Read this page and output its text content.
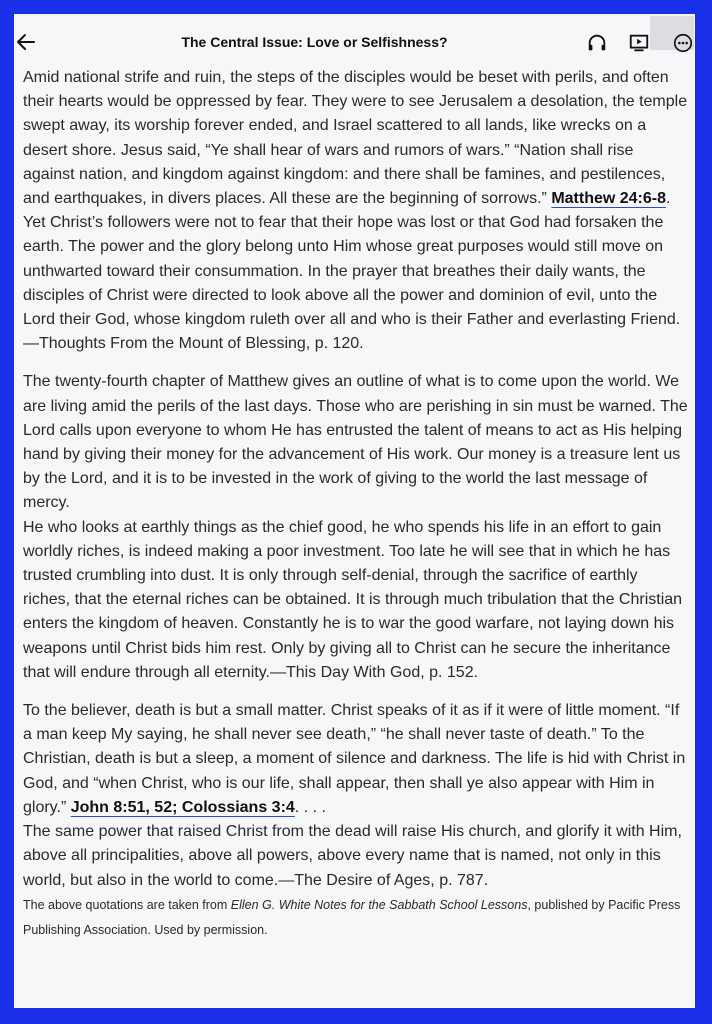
The Central Issue: Love or Selfishness?

Amid national strife and ruin, the steps of the disciples would be beset with perils, and often their hearts would be oppressed by fear. They were to see Jerusalem a desolation, the temple swept away, its worship forever ended, and Israel scattered to all lands, like wrecks on a desert shore. Jesus said, “Ye shall hear of wars and rumors of wars.” “Nation shall rise against nation, and kingdom against kingdom: and there shall be famines, and pestilences, and earthquakes, in divers places. All these are the beginning of sorrows.” Matthew 24:6-8. Yet Christ’s followers were not to fear that their hope was lost or that God had forsaken the earth. The power and the glory belong unto Him whose great purposes would still move on unthwarted toward their consummation. In the prayer that breathes their daily wants, the disciples of Christ were directed to look above all the power and dominion of evil, unto the Lord their God, whose kingdom ruleth over all and who is their Father and everlasting Friend.—Thoughts From the Mount of Blessing, p. 120.

The twenty-fourth chapter of Matthew gives an outline of what is to come upon the world. We are living amid the perils of the last days. Those who are perishing in sin must be warned. The Lord calls upon everyone to whom He has entrusted the talent of means to act as His helping hand by giving their money for the advancement of His work. Our money is a treasure lent us by the Lord, and it is to be invested in the work of giving to the world the last message of mercy.

He who looks at earthly things as the chief good, he who spends his life in an effort to gain worldly riches, is indeed making a poor investment. Too late he will see that in which he has trusted crumbling into dust. It is only through self-denial, through the sacrifice of earthly riches, that the eternal riches can be obtained. It is through much tribulation that the Christian enters the kingdom of heaven. Constantly he is to war the good warfare, not laying down his weapons until Christ bids him rest. Only by giving all to Christ can he secure the inheritance that will endure through all eternity.—This Day With God, p. 152.

To the believer, death is but a small matter. Christ speaks of it as if it were of little moment. “If a man keep My saying, he shall never see death,” “he shall never taste of death.” To the Christian, death is but a sleep, a moment of silence and darkness. The life is hid with Christ in God, and “when Christ, who is our life, shall appear, then shall ye also appear with Him in glory.” John 8:51, 52; Colossians 3:4. . . .

The same power that raised Christ from the dead will raise His church, and glorify it with Him, above all principalities, above all powers, above every name that is named, not only in this world, but also in the world to come.—The Desire of Ages, p. 787.

The above quotations are taken from Ellen G. White Notes for the Sabbath School Lessons, published by Pacific Press Publishing Association. Used by permission.
